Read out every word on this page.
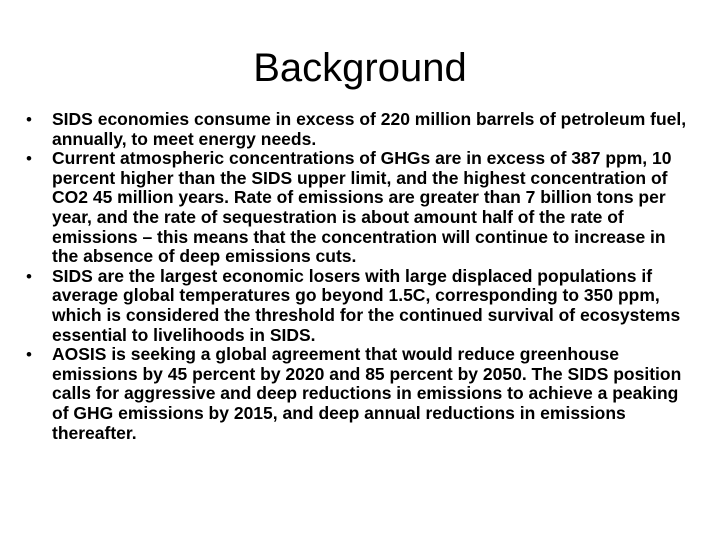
Background
•	SIDS economies consume in excess of 220 million barrels of petroleum fuel, annually, to meet energy needs.
•	Current atmospheric concentrations of GHGs are in excess of 387 ppm, 10 percent higher than the SIDS upper limit, and the highest concentration of CO2 45 million years. Rate of emissions are greater than 7 billion tons per year, and the rate of sequestration is about amount half of the rate of emissions – this means that the concentration will continue to increase in the absence of deep emissions cuts.
•	SIDS are the largest economic losers with large displaced populations if average global temperatures go beyond 1.5C, corresponding to 350 ppm, which is considered the threshold for the continued survival of ecosystems essential to livelihoods in SIDS.
•	AOSIS is seeking a global agreement that would reduce greenhouse emissions by 45 percent by 2020 and 85 percent by 2050. The SIDS position calls for aggressive and deep reductions in emissions to achieve a peaking of GHG emissions by 2015, and deep annual reductions in emissions thereafter.
